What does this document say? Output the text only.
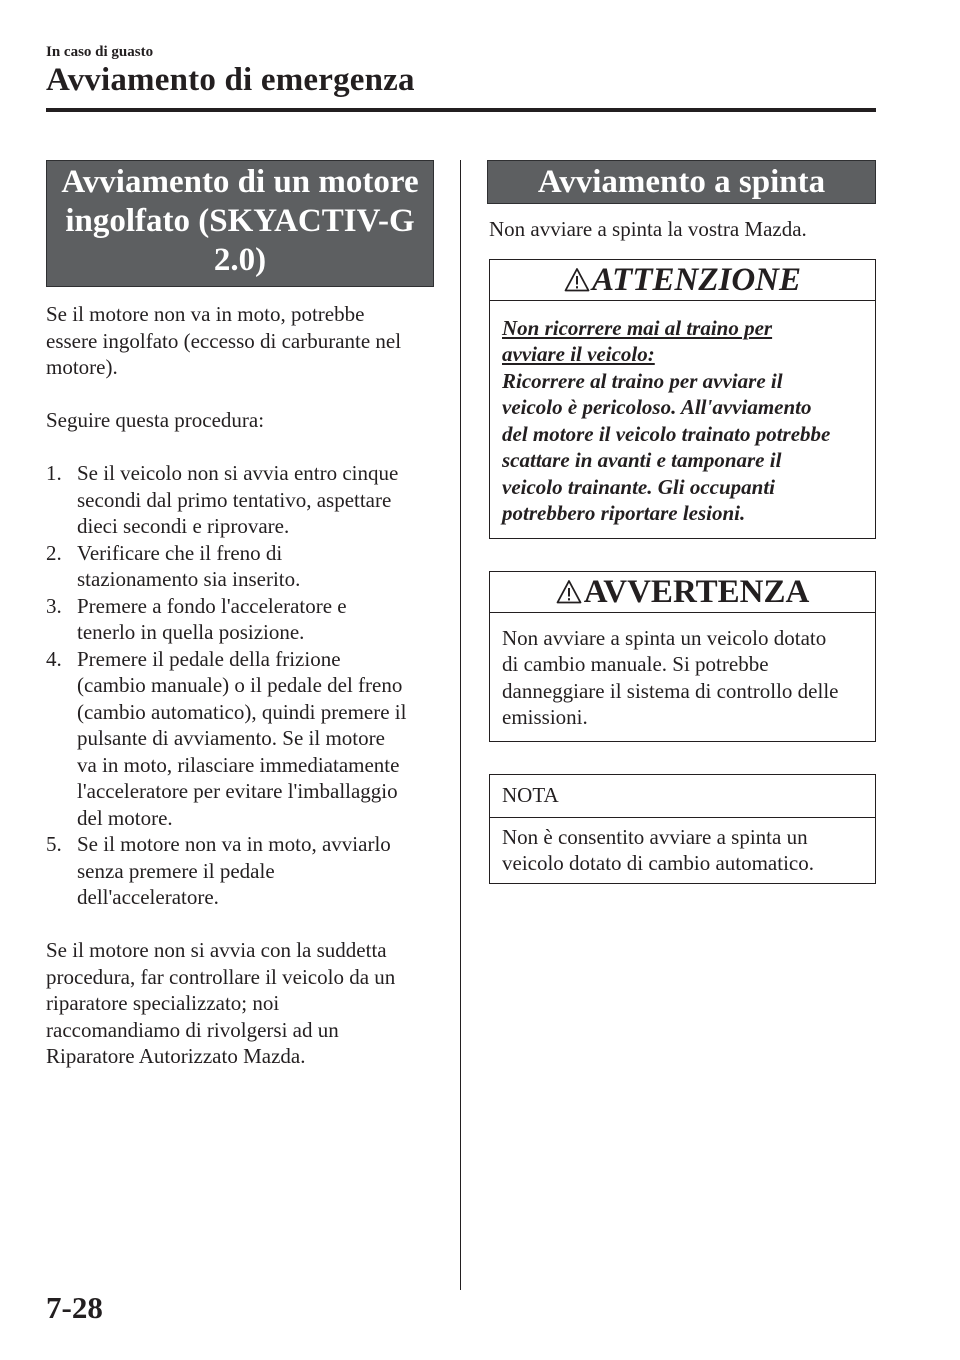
In caso di guasto
Avviamento di emergenza
Avviamento di un motore
ingolfato (SKYACTIV-G
2.0)

Se il motore non va in moto, potrebbe

essere ingolfato (eccesso di carburante nel

motore).

Seguire questa procedura:

1. Se il veicolo non si avvia entro cinque
secondi dal primo tentativo, aspettare
dieci secondi e riprovare.
2. Verificare che il freno di
stazionamento sia inserito.
3. Premere a fondo l'acceleratore e
tenerlo in quella posizione.
4. Premere il pedale della frizione
(cambio manuale) o il pedale del freno
(cambio automatico), quindi premere il
pulsante di avviamento. Se il motore
va in moto, rilasciare immediatamente
l'acceleratore per evitare l'imballaggio
del motore.
5. Se il motore non va in moto, avviarlo
senza premere il pedale
dell'acceleratore.

Se il motore non si avvia con la suddetta

procedura, far controllare il veicolo da un

riparatore specializzato; noi

raccomandiamo di rivolgersi ad un

Riparatore Autorizzato Mazda.

Avviamento a spinta

Non avviare a spinta la vostra Mazda.

ATTENZIONE
Non ricorrere mai al traino per
avviare il veicolo:
Ricorrere al traino per avviare il
veicolo è pericoloso. All'avviamento
del motore il veicolo trainato potrebbe
scattare in avanti e tamponare il
veicolo trainante. Gli occupanti
potrebbero riportare lesioni.
AVVERTENZA
Non avviare a spinta un veicolo dotato
di cambio manuale. Si potrebbe
danneggiare il sistema di controllo delle
emissioni.
NOTA
Non è consentito avviare a spinta un
veicolo dotato di cambio automatico.
7-28
